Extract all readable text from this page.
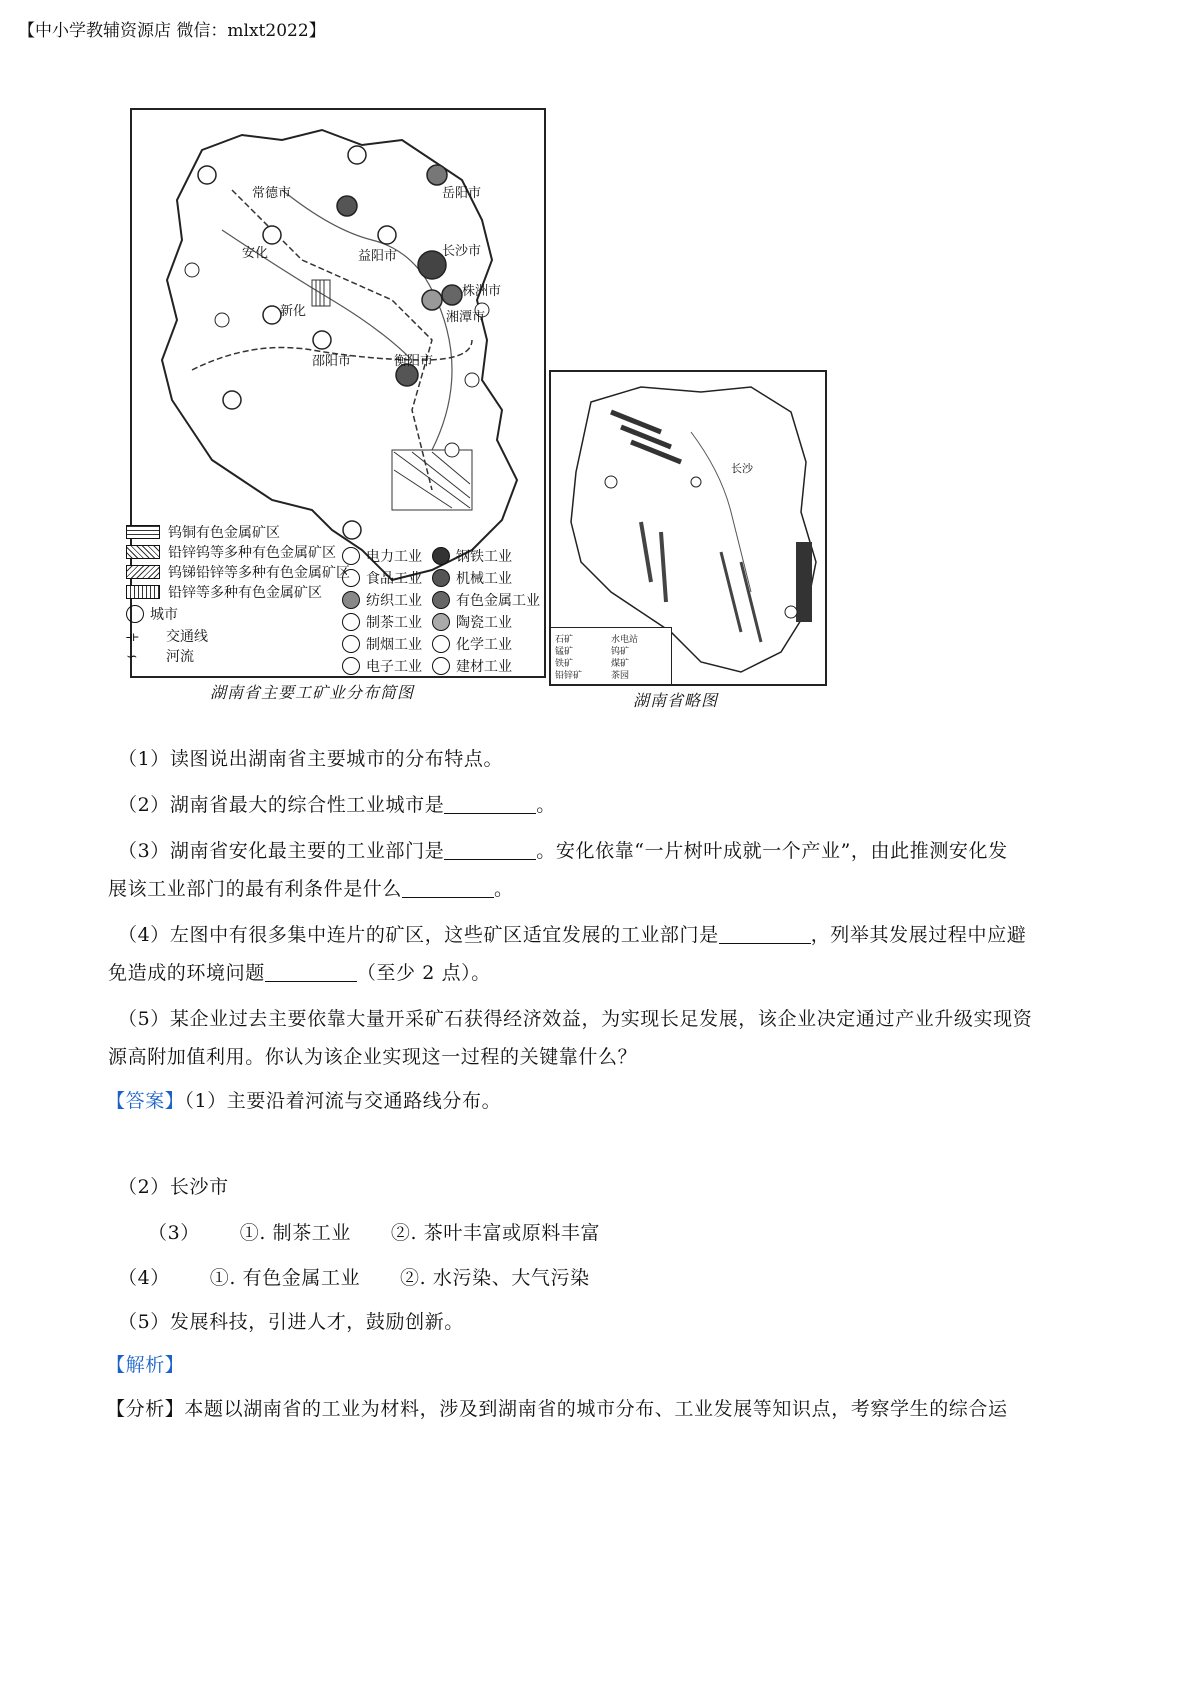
【中小学教辅资源店 微信：mlxt2022】
常德市	岳阳市
长沙市
益阳市
安化
新化
株洲市
湘潭市
邵阳市	衡阳市
钨铜有色金属矿区
铅锌钨等多种有色金属矿区
钨锑铅锌等多种有色金属矿区
铅锌等多种有色金属矿区
城市
⟛ 交通线
∽ 河流
电力工业	钢铁工业
食品工业	机械工业
纺织工业	有色金属工业
制茶工业	陶瓷工业
制烟工业	化学工业
电子工业	建材工业
湖南省主要工矿业分布简图
长沙
石矿	水电站
锰矿	钨矿
铁矿	煤矿
铅锌矿	茶园
湖南省略图
（1）读图说出湖南省主要城市的分布特点。
（2）湖南省最大的综合性工业城市是	。
（3）湖南省安化最主要的工业部门是	。安化依靠“一片树叶成就一个产业”，由此推测安化发
展该工业部门的最有利条件是什么	。
（4）左图中有很多集中连片的矿区，这些矿区适宜发展的工业部门是	，列举其发展过程中应避
免造成的环境问题	（至少 2 点）。
（5）某企业过去主要依靠大量开采矿石获得经济效益，为实现长足发展，该企业决定通过产业升级实现资
源高附加值利用。你认为该企业实现这一过程的关键靠什么？
【答案】（1）主要沿着河流与交通路线分布。
（2）长沙市
（3）      ①. 制茶工业      ②. 茶叶丰富或原料丰富
（4）      ①. 有色金属工业      ②. 水污染、大气污染
（5）发展科技，引进人才，鼓励创新。
【解析】
【分析】本题以湖南省的工业为材料，涉及到湖南省的城市分布、工业发展等知识点，考察学生的综合运
